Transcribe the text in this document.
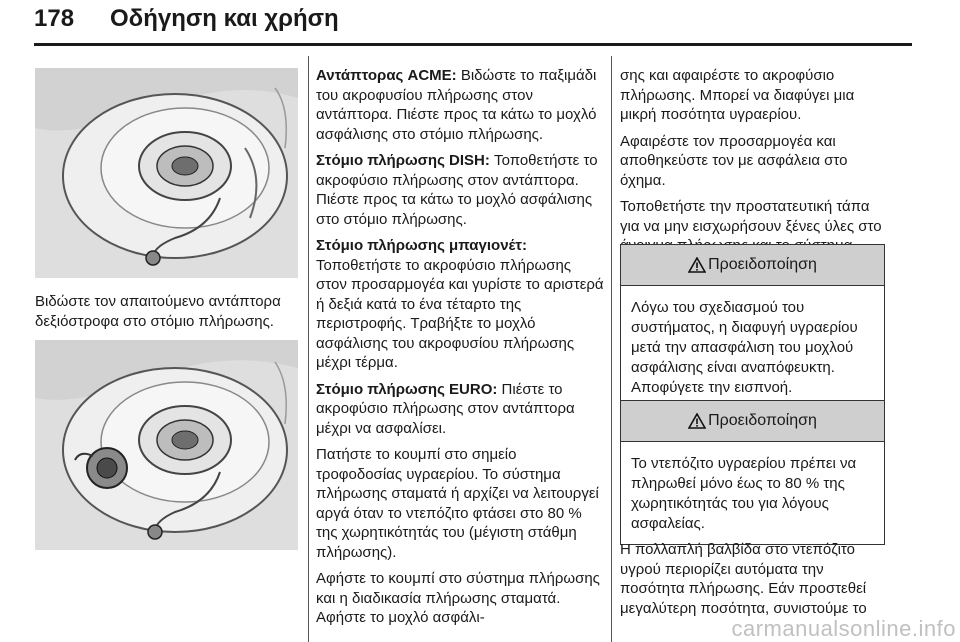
178 Οδήγηση και χρήση
Βιδώστε τον απαιτούμενο αντάπτορα δεξιόστροφα στο στόμιο πλήρωσης.

Αντάπτορας ACME: Βιδώστε το παξιμάδι του ακροφυσίου πλήρωσης στον αντάπτορα. Πιέστε προς τα κάτω το μοχλό ασφάλισης στο στόμιο πλήρωσης.

Στόμιο πλήρωσης DISH: Τοποθετήστε το ακροφύσιο πλήρωσης στον αντάπτορα. Πιέστε προς τα κάτω το μοχλό ασφάλισης στο στόμιο πλήρωσης.

Στόμιο πλήρωσης μπαγιονέτ: Τοποθετήστε το ακροφύσιο πλήρωσης στον προσαρμογέα και γυρίστε το αριστερά ή δεξιά κατά το ένα τέταρτο της περιστροφής. Τραβήξτε το μοχλό ασφάλισης του ακροφυσίου πλήρωσης μέχρι τέρμα.

Στόμιο πλήρωσης EURO: Πιέστε το ακροφύσιο πλήρωσης στον αντάπτορα μέχρι να ασφαλίσει.

Πατήστε το κουμπί στο σημείο τροφοδοσίας υγραερίου. Το σύστημα πλήρωσης σταματά ή αρχίζει να λειτουργεί αργά όταν το ντεπόζιτο φτάσει στο 80 % της χωρητικότητάς του (μέγιστη στάθμη πλήρωσης).

Αφήστε το κουμπί στο σύστημα πλήρωσης και η διαδικασία πλήρωσης σταματά. Αφήστε το μοχλό ασφάλι-

σης και αφαιρέστε το ακροφύσιο πλήρωσης. Μπορεί να διαφύγει μια μικρή ποσότητα υγραερίου.

Αφαιρέστε τον προσαρμογέα και αποθηκεύστε τον με ασφάλεια στο όχημα.

Τοποθετήστε την προστατευτική τάπα για να μην εισχωρήσουν ξένες ύλες στο

Προειδοποίηση
Λόγω του σχεδιασμού του συστήματος, η διαφυγή υγραερίου μετά την απασφάλιση του μοχλού ασφάλισης είναι αναπόφευκτη. Αποφύγετε την εισπνοή.
Προειδοποίηση
Το ντεπόζιτο υγραερίου πρέπει να πληρωθεί μόνο έως το 80 % της χωρητικότητάς του για λόγους ασφαλείας.

Η πολλαπλή βαλβίδα στο ντεπόζιτο υγρού περιορίζει αυτόματα την ποσότητα πλήρωσης. Εάν προστεθεί μεγαλύτερη ποσότητα, συνιστούμε το

carmanualsonline.info
